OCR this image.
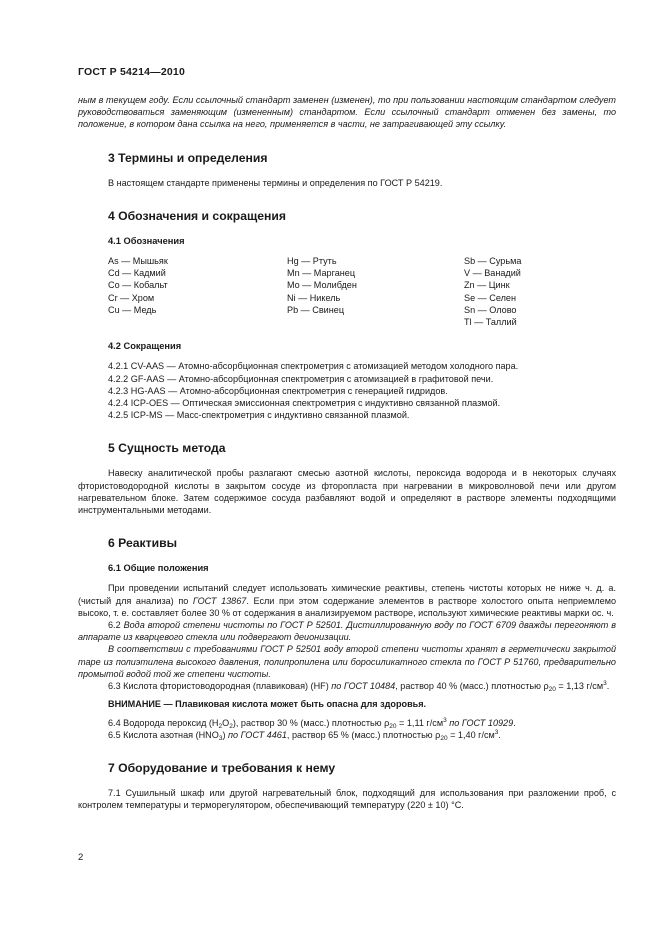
ГОСТ Р 54214—2010

ным в текущем году. Если ссылочный стандарт заменен (изменен), то при пользовании настоящим стандартом следует руководствоваться заменяющим (измененным) стандартом. Если ссылочный стандарт отменен без замены, то положение, в котором дана ссылка на него, применяется в части, не затрагивающей эту ссылку.

3 Термины и определения

В настоящем стандарте применены термины и определения по ГОСТ Р 54219.

4 Обозначения и сокращения
4.1 Обозначения
As — Мышьяк
Cd — Кадмий
Co — Кобальт
Cr — Хром
Cu — Медь
Hg — Ртуть
Mn — Марганец
Mo — Молибден
Ni — Никель
Pb — Свинец
Sb — Сурьма
V — Ванадий
Zn — Цинк
Se — Селен
Sn — Олово
Tl — Таллий
4.2 Сокращения
4.2.1 CV-AAS — Атомно-абсорбционная спектрометрия с атомизацией методом холодного пара.
4.2.2 GF-AAS — Атомно-абсорбционная спектрометрия с атомизацией в графитовой печи.
4.2.3 HG-AAS — Атомно-абсорбционная спектрометрия с генерацией гидридов.
4.2.4 ICP-OES — Оптическая эмиссионная спектрометрия с индуктивно связанной плазмой.
4.2.5 ICP-MS — Масс-спектрометрия с индуктивно связанной плазмой.
5 Сущность метода

Навеску аналитической пробы разлагают смесью азотной кислоты, пероксида водорода и в некоторых случаях фтористоводородной кислоты в закрытом сосуде из фторопласта при нагревании в микроволновой печи или другом нагревательном блоке. Затем содержимое сосуда разбавляют водой и определяют в растворе элементы подходящими инструментальными методами.

6 Реактивы
6.1 Общие положения

При проведении испытаний следует использовать химические реактивы, степень чистоты которых не ниже ч. д. а. (чистый для анализа) по ГОСТ 13867. Если при этом содержание элементов в растворе холостого опыта неприемлемо высоко, т. е. составляет более 30 % от содержания в анализируемом растворе, используют химические реактивы марки ос. ч.

6.2 Вода второй степени чистоты по ГОСТ Р 52501. Дистиллированную воду по ГОСТ 6709 дважды перегоняют в аппарате из кварцевого стекла или подвергают деионизации.

В соответствии с требованиями ГОСТ Р 52501 воду второй степени чистоты хранят в герметически закрытой таре из полиэтилена высокого давления, полипропилена или боросиликатного стекла по ГОСТ Р 51760, предварительно промытой водой той же степени чистоты.

6.3 Кислота фтористоводородная (плавиковая) (HF) по ГОСТ 10484, раствор 40 % (масс.) плотностью $\rho_{20} = 1,13$ $г/см^3$.

ВНИМАНИЕ — Плавиковая кислота может быть опасна для здоровья.

6.4 Водорода пероксид $(H_2O_2)$, раствор 30 % (масс.) плотностью $\rho_{20} = 1,11$ $г/см^3$ по ГОСТ 10929.

6.5 Кислота азотная $(HNO_3)$ по ГОСТ 4461, раствор 65 % (масс.) плотностью $\rho_{20} = 1,40$ $г/см^3$.

7 Оборудование и требования к нему

7.1 Сушильный шкаф или другой нагревательный блок, подходящий для использования при разложении проб, с контролем температуры и терморегулятором, обеспечивающий температуру (220 ± 10) °С.

2
